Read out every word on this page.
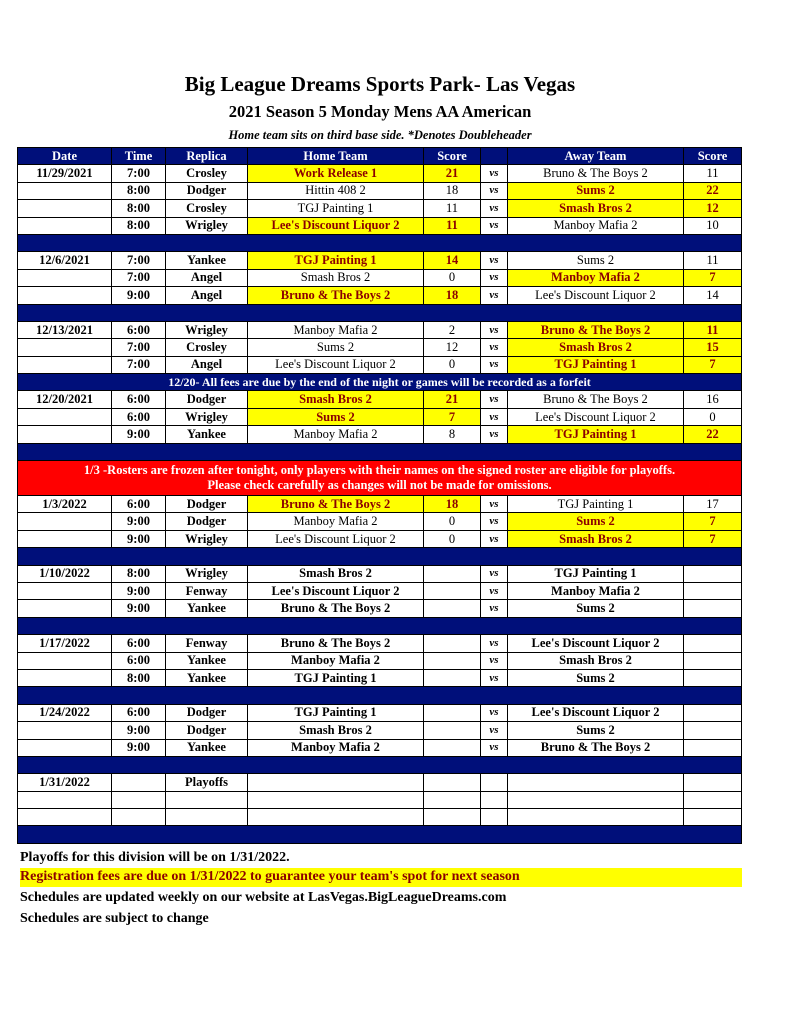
Big League Dreams Sports Park- Las Vegas
2021 Season 5 Monday Mens AA American
Home team sits on third base side. *Denotes Doubleheader
Date	Time	Replica	Home Team	Score		Away Team	Score
11/29/2021	7:00	Crosley	Work Release 1	21	vs	Bruno & The Boys 2	11
	8:00	Dodger	Hittin 408 2	18	vs	Sums 2	22
	8:00	Crosley	TGJ Painting 1	11	vs	Smash Bros 2	12
	8:00	Wrigley	Lee's Discount Liquor 2	11	vs	Manboy Mafia 2	10

12/6/2021	7:00	Yankee	TGJ Painting 1	14	vs	Sums 2	11
	7:00	Angel	Smash Bros 2	0	vs	Manboy Mafia 2	7
	9:00	Angel	Bruno & The Boys 2	18	vs	Lee's Discount Liquor 2	14

12/13/2021	6:00	Wrigley	Manboy Mafia 2	2	vs	Bruno & The Boys 2	11
	7:00	Crosley	Sums 2	12	vs	Smash Bros 2	15
	7:00	Angel	Lee's Discount Liquor 2	0	vs	TGJ Painting 1	7
12/20- All fees are due by the end of the night or games will be recorded as a forfeit							
12/20/2021	6:00	Dodger	Smash Bros 2	21	vs	Bruno & The Boys 2	16
	6:00	Wrigley	Sums 2	7	vs	Lee's Discount Liquor 2	0
	9:00	Yankee	Manboy Mafia 2	8	vs	TGJ Painting 1	22

1/3 -Rosters are frozen after tonight, only players with their names on the signed roster are eligible for playoffs.
Please check carefully as changes will not be made for omissions.							

1/3/2022	6:00	Dodger	Bruno & The Boys 2	18	vs	TGJ Painting 1	17
	9:00	Dodger	Manboy Mafia 2	0	vs	Sums 2	7
	9:00	Wrigley	Lee's Discount Liquor 2	0	vs	Smash Bros 2	7

1/10/2022	8:00	Wrigley	Smash Bros 2		vs	TGJ Painting 1	
	9:00	Fenway	Lee's Discount Liquor 2		vs	Manboy Mafia 2	
	9:00	Yankee	Bruno & The Boys 2		vs	Sums 2	

1/17/2022	6:00	Fenway	Bruno & The Boys 2		vs	Lee's Discount Liquor 2	
	6:00	Yankee	Manboy Mafia 2		vs	Smash Bros 2	
	8:00	Yankee	TGJ Painting 1		vs	Sums 2	

1/24/2022	6:00	Dodger	TGJ Painting 1		vs	Lee's Discount Liquor 2	
	9:00	Dodger	Smash Bros 2		vs	Sums 2	
	9:00	Yankee	Manboy Mafia 2		vs	Bruno & The Boys 2	

1/31/2022		Playoffs					

Playoffs for this division will be on 1/31/2022.
Registration fees are due on 1/31/2022 to guarantee your team's spot for next season
Schedules are updated weekly on our website at LasVegas.BigLeagueDreams.com
Schedules are subject to change
